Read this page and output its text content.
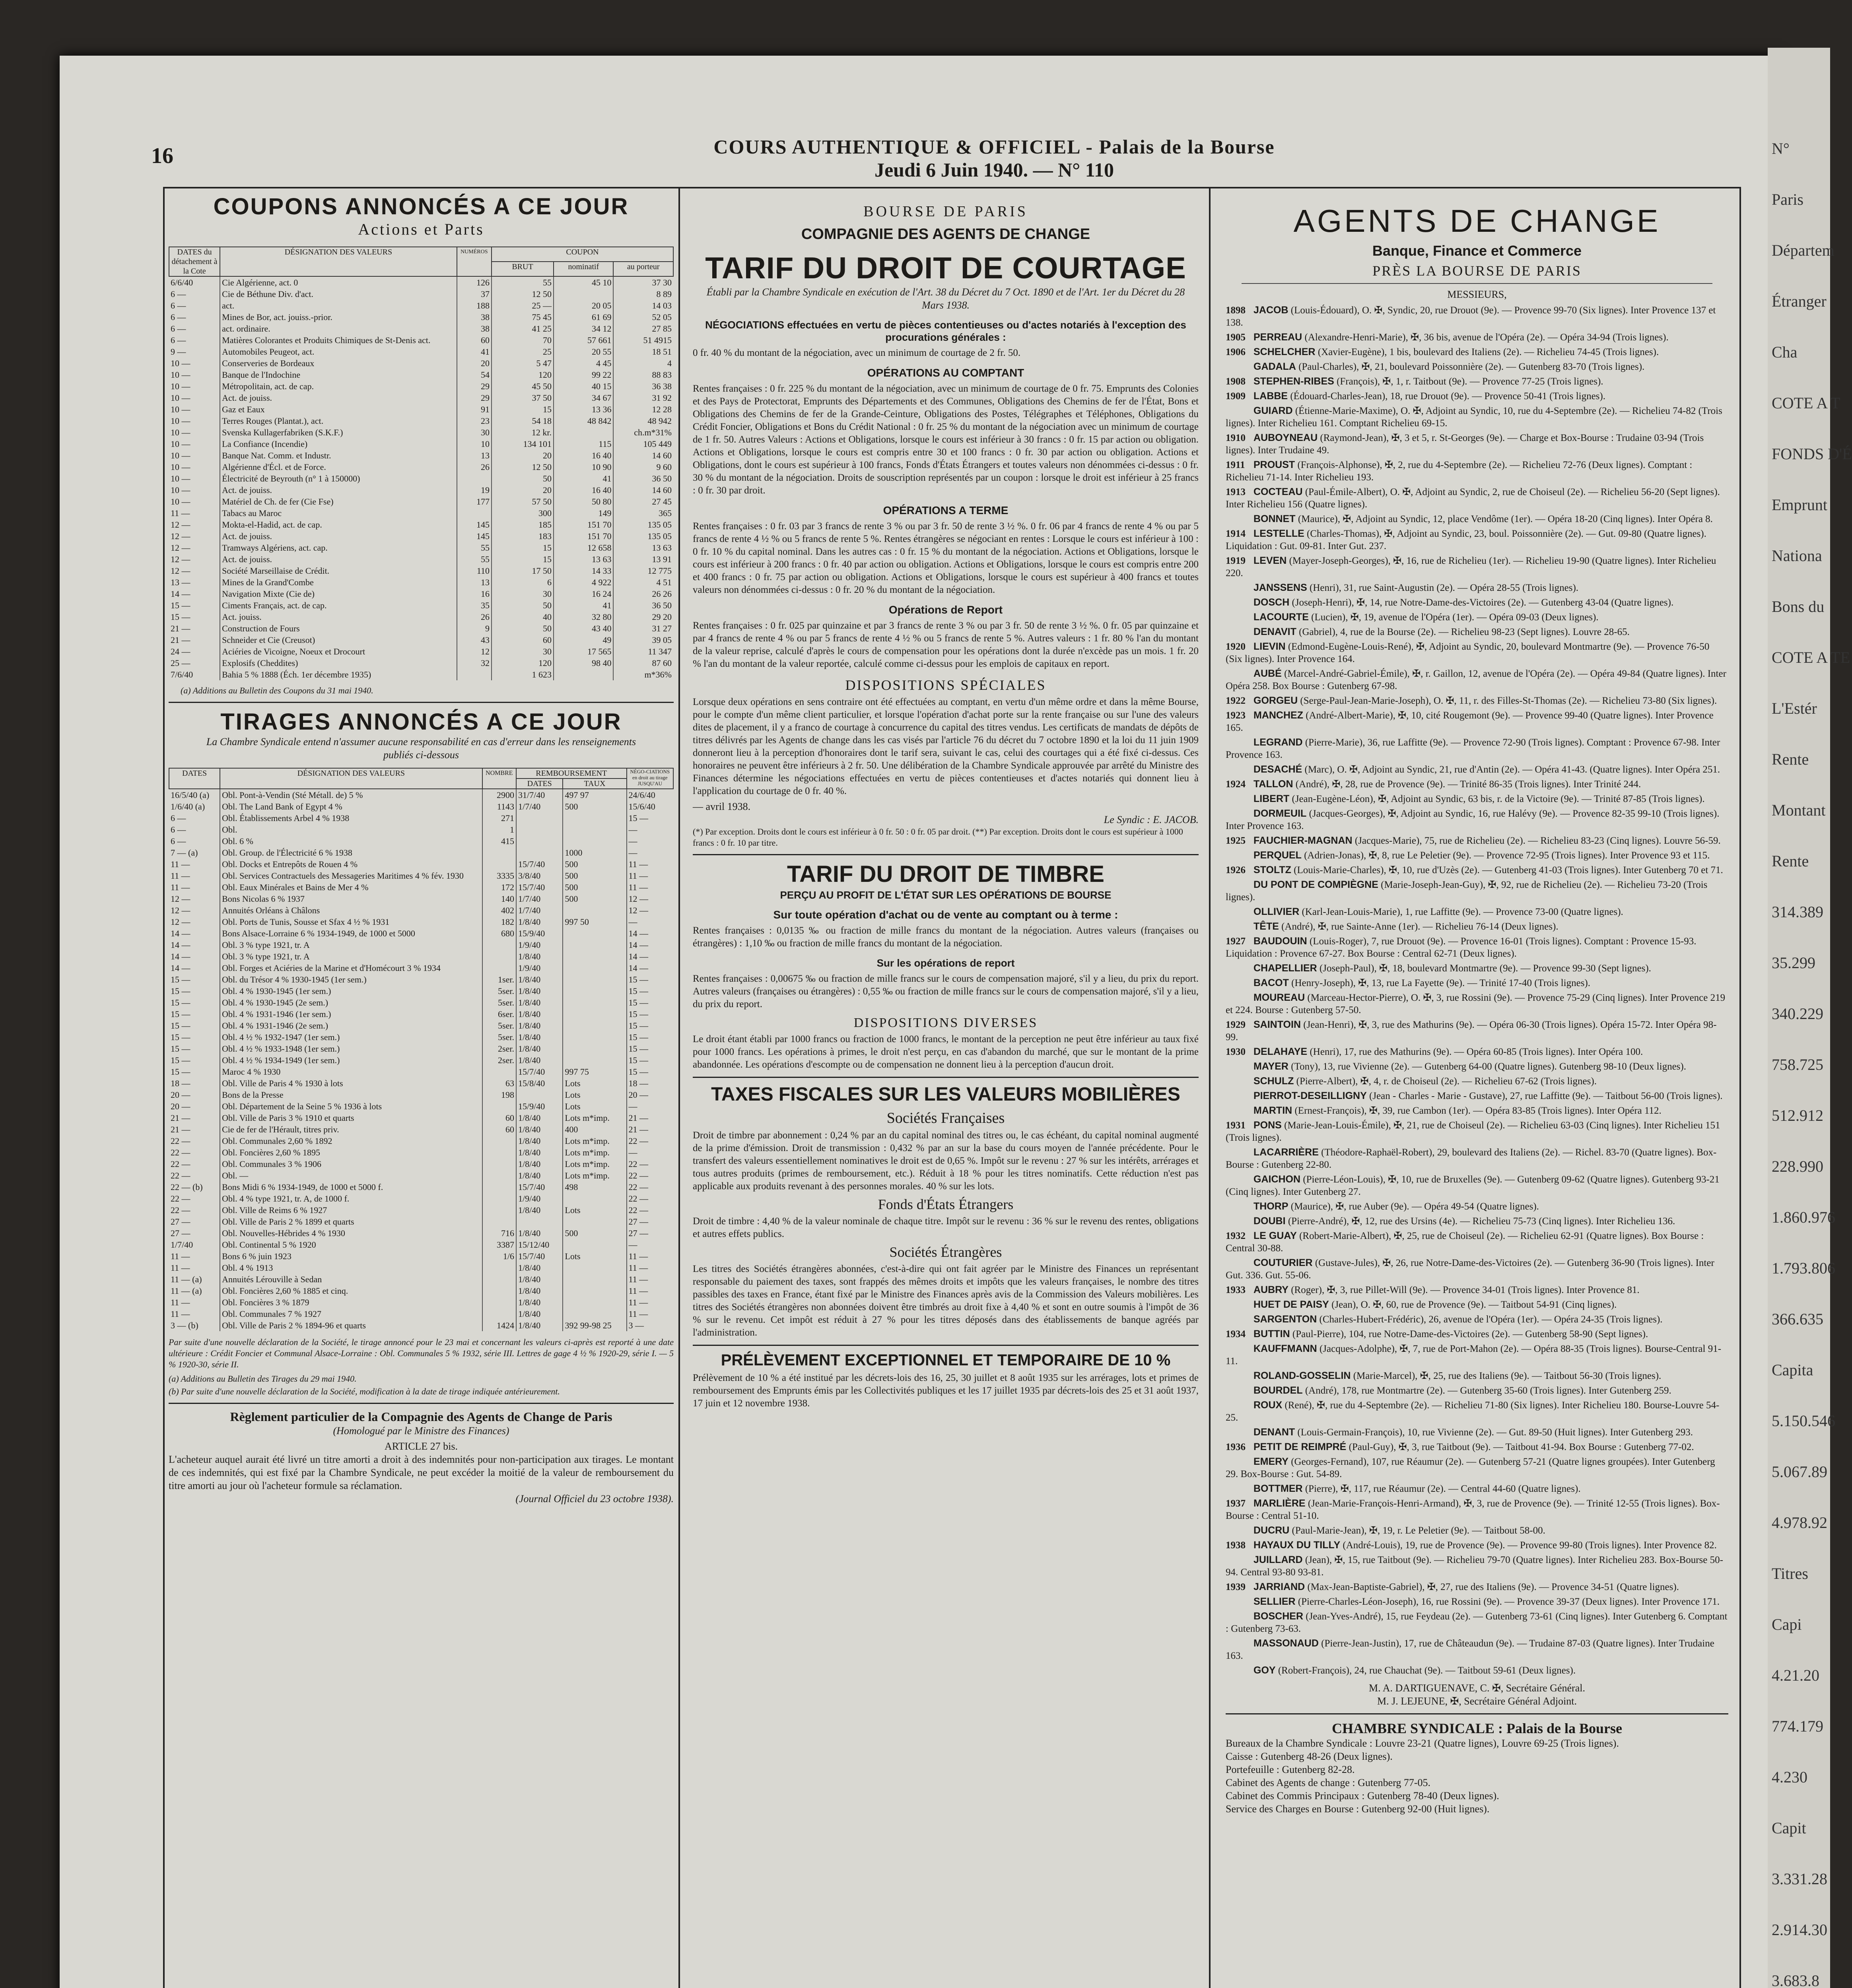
N°
Paris
Départem
Étranger
Cha
COTE A T
FONDS D'É
Emprunt
Nationa
Bons du
COTE A TE
L'Estér
Rente
Montant
Rente
314.389
35.299
340.229
758.725
512.912
228.990
1.860.976
1.793.806
366.635
Capita
5.150.546
5.067.89
4.978.92
Titres
Capi
4.21.20
774.179
4.230
Capit
3.331.28
2.914.30
3.683.8
16	COURS AUTHENTIQUE & OFFICIEL - Palais de la Bourse
Jeudi 6 Juin 1940. — N° 110
COUPONS ANNONCÉS A CE JOUR
Actions et Parts
DATES du détachement à la Cote	DÉSIGNATION DES VALEURS	NUMÉROS	COUPON		
			BRUT	nominatif	au porteur
6/6/40	Cie Algérienne, act. 0	126	55	45 10	37 30
6 —	Cie de Béthune Div. d'act.	37	12 50		8 89
6 —	act.	188	25 —	20 05	14 03
6 —	Mines de Bor, act. jouiss.-prior.	38	75 45	61 69	52 05
6 —	act. ordinaire.	38	41 25	34 12	27 85
6 —	Matières Colorantes et Produits Chimiques de St-Denis act.	60	70	57 661	51 4915
9 —	Automobiles Peugeot, act.	41	25	20 55	18 51
10 —	Conserveries de Bordeaux	20	5 47	4 45	4
10 —	Banque de l'Indochine	54	120	99 22	88 83
10 —	Métropolitain, act. de cap.	29	45 50	40 15	36 38
10 —	Act. de jouiss.	29	37 50	34 67	31 92
10 —	Gaz et Eaux	91	15	13 36	12 28
10 —	Terres Rouges (Plantat.), act.	23	54 18	48 842	48 942
10 —	Svenska Kullagerfabriken (S.K.F.)	30	12 kr.		ch.m*31%
10 —	La Confiance (Incendie)	10	134 101	115	105 449
10 —	Banque Nat. Comm. et Industr.	13	20	16 40	14 60
10 —	Algérienne d'Écl. et de Force.	26	12 50	10 90	9 60
10 —	Électricité de Beyrouth (n° 1 à 150000)		50	41	36 50
10 —	Act. de jouiss.	19	20	16 40	14 60
10 —	Matériel de Ch. de fer (Cie Fse)	177	57 50	50 80	27 45
11 —	Tabacs au Maroc		300	149	365
12 —	Mokta-el-Hadid, act. de cap.	145	185	151 70	135 05
12 —	Act. de jouiss.	145	183	151 70	135 05
12 —	Tramways Algériens, act. cap.	55	15	12 658	13 63
12 —	Act. de jouiss.	55	15	13 63	13 91
12 —	Société Marseillaise de Crédit.	110	17 50	14 33	12 775
13 —	Mines de la Grand'Combe	13	6	4 922	4 51
14 —	Navigation Mixte (Cie de)	16	30	16 24	26 26
15 —	Ciments Français, act. de cap.	35	50	41	36 50
15 —	Act. jouiss.	26	40	32 80	29 20
21 —	Construction de Fours	9	50	43 40	31 27
21 —	Schneider et Cie (Creusot)	43	60	49	39 05
24 —	Aciéries de Vicoigne, Noeux et Drocourt	12	30	17 565	11 347
25 —	Explosifs (Cheddites)	32	120	98 40	87 60
7/6/40	Bahia 5 % 1888 (Éch. 1er décembre 1935)		1 623		m*36%
(a) Additions au Bulletin des Coupons du 31 mai 1940.
TIRAGES ANNONCÉS A CE JOUR
La Chambre Syndicale entend n'assumer aucune responsabilité en cas d'erreur dans les renseignements publiés ci-dessous
DATES	DÉSIGNATION DES VALEURS	NOMBRE	REMBOURSEMENT		NÉGO-CIATIONS en droit au tirage JUSQU'AU
			DATES	TAUX	
16/5/40 (a)	Obl. Pont-à-Vendin (Sté Métall. de) 5 %	2900	31/7/40	497 97	24/6/40
1/6/40 (a)	Obl. The Land Bank of Egypt 4 %	1143	1/7/40	500	15/6/40
6 —	Obl. Établissements Arbel 4 % 1938	271			15 —
6 —	Obl.	1			—
6 —	Obl. 6 %	415			—
7 — (a)	Obl. Group. de l'Électricité 6 % 1938			1000	—
11 —	Obl. Docks et Entrepôts de Rouen 4 %		15/7/40	500	11 —
11 —	Obl. Services Contractuels des Messageries Maritimes 4 % fév. 1930	3335	3/8/40	500	11 —
11 —	Obl. Eaux Minérales et Bains de Mer 4 %	172	15/7/40	500	11 —
12 —	Bons Nicolas 6 % 1937	140	1/7/40	500	12 —
12 —	Annuités Orléans à Châlons	402	1/7/40		12 —
12 —	Obl. Ports de Tunis, Sousse et Sfax 4 ½ % 1931	182	1/8/40	997 50	—
14 —	Bons Alsace-Lorraine 6 % 1934-1949, de 1000 et 5000	680	15/9/40		14 —
14 —	Obl. 3 % type 1921, tr. A		1/9/40		14 —
14 —	Obl. 3 % type 1921, tr. A		1/8/40		14 —
14 —	Obl. Forges et Aciéries de la Marine et d'Homécourt 3 % 1934		1/9/40		14 —
15 —	Obl. du Trésor 4 % 1930-1945 (1er sem.)	1ser.	1/8/40		15 —
15 —	Obl. 4 % 1930-1945 (1er sem.)	5ser.	1/8/40		15 —
15 —	Obl. 4 % 1930-1945 (2e sem.)	5ser.	1/8/40		15 —
15 —	Obl. 4 % 1931-1946 (1er sem.)	6ser.	1/8/40		15 —
15 —	Obl. 4 % 1931-1946 (2e sem.)	5ser.	1/8/40		15 —
15 —	Obl. 4 ½ % 1932-1947 (1er sem.)	5ser.	1/8/40		15 —
15 —	Obl. 4 ½ % 1933-1948 (1er sem.)	2ser.	1/8/40		15 —
15 —	Obl. 4 ½ % 1934-1949 (1er sem.)	2ser.	1/8/40		15 —
15 —	Maroc 4 % 1930		15/7/40	997 75	15 —
18 —	Obl. Ville de Paris 4 % 1930 à lots	63	15/8/40	Lots	18 —
20 —	Bons de la Presse	198		Lots	20 —
20 —	Obl. Département de la Seine 5 % 1936 à lots		15/9/40	Lots	—
21 —	Obl. Ville de Paris 3 % 1910 et quarts	60	1/8/40	Lots m*imp.	21 —
21 —	Cie de fer de l'Hérault, titres priv.	60	1/8/40	400	21 —
22 —	Obl. Communales 2,60 % 1892		1/8/40	Lots m*imp.	22 —
22 —	Obl. Foncières 2,60 % 1895		1/8/40	Lots m*imp.	—
22 —	Obl. Communales 3 % 1906		1/8/40	Lots m*imp.	22 —
22 —	Obl. —		1/8/40	Lots m*imp.	22 —
22 — (b)	Bons Midi 6 % 1934-1949, de 1000 et 5000 f.		15/7/40	498	22 —
22 —	Obl. 4 % type 1921, tr. A, de 1000 f.		1/9/40		22 —
22 —	Obl. Ville de Reims 6 % 1927		1/8/40	Lots	22 —
27 —	Obl. Ville de Paris 2 % 1899 et quarts				27 —
27 —	Obl. Nouvelles-Hébrides 4 % 1930	716	1/8/40	500	27 —
1/7/40	Obl. Continental 5 % 1920	3387	15/12/40		—
11 —	Bons 6 % juin 1923	1/6	15/7/40	Lots	11 —
11 —	Obl. 4 % 1913		1/8/40		11 —
11 — (a)	Annuités Lérouville à Sedan		1/8/40		11 —
11 — (a)	Obl. Foncières 2,60 % 1885 et cinq.		1/8/40		11 —
11 —	Obl. Foncières 3 % 1879		1/8/40		11 —
11 —	Obl. Communales 7 % 1927		1/8/40		11 —
3 — (b)	Obl. Ville de Paris 2 % 1894-96 et quarts	1424	1/8/40	392 99-98 25	3 —
Par suite d'une nouvelle déclaration de la Société, le tirage annoncé pour le 23 mai et concernant les valeurs ci-après est reporté à une date ultérieure : Crédit Foncier et Communal Alsace-Lorraine : Obl. Communales 5 % 1932, série III. Lettres de gage 4 ½ % 1920-29, série I. — 5 % 1920-30, série II.
(a) Additions au Bulletin des Tirages du 29 mai 1940.
(b) Par suite d'une nouvelle déclaration de la Société, modification à la date de tirage indiquée antérieurement.
Règlement particulier de la Compagnie des Agents de Change de Paris
(Homologué par le Ministre des Finances)
ARTICLE 27 bis.
L'acheteur auquel aurait été livré un titre amorti a droit à des indemnités pour non-participation aux tirages. Le montant de ces indemnités, qui est fixé par la Chambre Syndicale, ne peut excéder la moitié de la valeur de remboursement du titre amorti au jour où l'acheteur formule sa réclamation.
(Journal Officiel du 23 octobre 1938).
BOURSE DE PARIS
COMPAGNIE DES AGENTS DE CHANGE
TARIF DU DROIT DE COURTAGE
Établi par la Chambre Syndicale en exécution de l'Art. 38 du Décret du 7 Oct. 1890 et de l'Art. 1er du Décret du 28 Mars 1938.
NÉGOCIATIONS effectuées en vertu de pièces contentieuses ou d'actes notariés à l'exception des procurations générales :
0 fr. 40 % du montant de la négociation, avec un minimum de courtage de 2 fr. 50.
OPÉRATIONS AU COMPTANT
Rentes françaises : 0 fr. 225 % du montant de la négociation, avec un minimum de courtage de 0 fr. 75. Emprunts des Colonies et des Pays de Protectorat, Emprunts des Départements et des Communes, Obligations des Chemins de fer de l'État, Bons et Obligations des Chemins de fer de la Grande-Ceinture, Obligations des Postes, Télégraphes et Téléphones, Obligations du Crédit Foncier, Obligations et Bons du Crédit National : 0 fr. 25 % du montant de la négociation avec un minimum de courtage de 1 fr. 50. Autres Valeurs : Actions et Obligations, lorsque le cours est inférieur à 30 francs : 0 fr. 15 par action ou obligation. Actions et Obligations, lorsque le cours est compris entre 30 et 100 francs : 0 fr. 30 par action ou obligation. Actions et Obligations, dont le cours est supérieur à 100 francs, Fonds d'États Étrangers et toutes valeurs non dénommées ci-dessus : 0 fr. 30 % du montant de la négociation. Droits de souscription représentés par un coupon : lorsque le droit est inférieur à 25 francs : 0 fr. 30 par droit.
OPÉRATIONS A TERME
Rentes françaises : 0 fr. 03 par 3 francs de rente 3 % ou par 3 fr. 50 de rente 3 ½ %. 0 fr. 06 par 4 francs de rente 4 % ou par 5 francs de rente 4 ½ % ou 5 francs de rente 5 %. Rentes étrangères se négociant en rentes : Lorsque le cours est inférieur à 100 : 0 fr. 10 % du capital nominal. Dans les autres cas : 0 fr. 15 % du montant de la négociation. Actions et Obligations, lorsque le cours est inférieur à 200 francs : 0 fr. 40 par action ou obligation. Actions et Obligations, lorsque le cours est compris entre 200 et 400 francs : 0 fr. 75 par action ou obligation. Actions et Obligations, lorsque le cours est supérieur à 400 francs et toutes valeurs non dénommées ci-dessus : 0 fr. 20 % du montant de la négociation.
Opérations de Report
Rentes françaises : 0 fr. 025 par quinzaine et par 3 francs de rente 3 % ou par 3 fr. 50 de rente 3 ½ %. 0 fr. 05 par quinzaine et par 4 francs de rente 4 % ou par 5 francs de rente 4 ½ % ou 5 francs de rente 5 %. Autres valeurs : 1 fr. 80 % l'an du montant de la valeur reprise, calculé d'après le cours de compensation pour les opérations dont la durée n'excède pas un mois. 1 fr. 20 % l'an du montant de la valeur reportée, calculé comme ci-dessus pour les emplois de capitaux en report.
DISPOSITIONS SPÉCIALES
Lorsque deux opérations en sens contraire ont été effectuées au comptant, en vertu d'un même ordre et dans la même Bourse, pour le compte d'un même client particulier, et lorsque l'opération d'achat porte sur la rente française ou sur l'une des valeurs dites de placement, il y a franco de courtage à concurrence du capital des titres vendus. Les certificats de mandats de dépôts de titres délivrés par les Agents de change dans les cas visés par l'article 76 du décret du 7 octobre 1890 et la loi du 11 juin 1909 donneront lieu à la perception d'honoraires dont le tarif sera, suivant le cas, celui des courtages qui a été fixé ci-dessus. Ces honoraires ne peuvent être inférieurs à 2 fr. 50. Une délibération de la Chambre Syndicale approuvée par arrêté du Ministre des Finances détermine les négociations effectuées en vertu de pièces contentieuses et d'actes notariés qui donnent lieu à l'application du courtage de 0 fr. 40 %.
— avril 1938.
Le Syndic : E. JACOB.
(*) Par exception. Droits dont le cours est inférieur à 0 fr. 50 : 0 fr. 05 par droit. (**) Par exception. Droits dont le cours est supérieur à 1000 francs : 0 fr. 10 par titre.
TARIF DU DROIT DE TIMBRE
PERÇU AU PROFIT DE L'ÉTAT SUR LES OPÉRATIONS DE BOURSE
Sur toute opération d'achat ou de vente au comptant ou à terme :
Rentes françaises : 0,0135 ‰ ou fraction de mille francs du montant de la négociation. Autres valeurs (françaises ou étrangères) : 1,10 ‰ ou fraction de mille francs du montant de la négociation.
Sur les opérations de report
Rentes françaises : 0,00675 ‰ ou fraction de mille francs sur le cours de compensation majoré, s'il y a lieu, du prix du report. Autres valeurs (françaises ou étrangères) : 0,55 ‰ ou fraction de mille francs sur le cours de compensation majoré, s'il y a lieu, du prix du report.
DISPOSITIONS DIVERSES
Le droit étant établi par 1000 francs ou fraction de 1000 francs, le montant de la perception ne peut être inférieur au taux fixé pour 1000 francs. Les opérations à primes, le droit n'est perçu, en cas d'abandon du marché, que sur le montant de la prime abandonnée. Les opérations d'escompte ou de compensation ne donnent lieu à la perception d'aucun droit.
TAXES FISCALES SUR LES VALEURS MOBILIÈRES
Sociétés Françaises
Droit de timbre par abonnement : 0,24 % par an du capital nominal des titres ou, le cas échéant, du capital nominal augmenté de la prime d'émission. Droit de transmission : 0,432 % par an sur la base du cours moyen de l'année précédente. Pour le transfert des valeurs essentiellement nominatives le droit est de 0,65 %. Impôt sur le revenu : 27 % sur les intérêts, arrérages et tous autres produits (primes de remboursement, etc.). Réduit à 18 % pour les titres nominatifs. Cette réduction n'est pas applicable aux produits revenant à des personnes morales. 40 % sur les lots.
Fonds d'États Étrangers
Droit de timbre : 4,40 % de la valeur nominale de chaque titre. Impôt sur le revenu : 36 % sur le revenu des rentes, obligations et autres effets publics.
Sociétés Étrangères
Les titres des Sociétés étrangères abonnées, c'est-à-dire qui ont fait agréer par le Ministre des Finances un représentant responsable du paiement des taxes, sont frappés des mêmes droits et impôts que les valeurs françaises, le nombre des titres passibles des taxes en France, étant fixé par le Ministre des Finances après avis de la Commission des Valeurs mobilières. Les titres des Sociétés étrangères non abonnées doivent être timbrés au droit fixe à 4,40 % et sont en outre soumis à l'impôt de 36 % sur le revenu. Cet impôt est réduit à 27 % pour les titres déposés dans des établissements de banque agréés par l'administration.
PRÉLÈVEMENT EXCEPTIONNEL ET TEMPORAIRE DE 10 %
Prélèvement de 10 % a été institué par les décrets-lois des 16, 25, 30 juillet et 8 août 1935 sur les arrérages, lots et primes de remboursement des Emprunts émis par les Collectivités publiques et les 17 juillet 1935 par décrets-lois des 25 et 31 août 1937, 17 juin et 12 novembre 1938.
AGENTS DE CHANGE
Banque, Finance et Commerce
PRÈS LA BOURSE DE PARIS
MESSIEURS,
1898 JACOB (Louis-Édouard), O. ✠, Syndic, 20, rue Drouot (9e). — Provence 99-70 (Six lignes). Inter Provence 137 et 138.
1905 PERREAU (Alexandre-Henri-Marie), ✠, 36 bis, avenue de l'Opéra (2e). — Opéra 34-94 (Trois lignes).
1906 SCHELCHER (Xavier-Eugène), 1 bis, boulevard des Italiens (2e). — Richelieu 74-45 (Trois lignes).
GADALA (Paul-Charles), ✠, 21, boulevard Poissonnière (2e). — Gutenberg 83-70 (Trois lignes).
1908 STEPHEN-RIBES (François), ✠, 1, r. Taitbout (9e). — Provence 77-25 (Trois lignes).
1909 LABBE (Édouard-Charles-Jean), 18, rue Drouot (9e). — Provence 50-41 (Trois lignes).
GUIARD (Étienne-Marie-Maxime), O. ✠, Adjoint au Syndic, 10, rue du 4-Septembre (2e). — Richelieu 74-82 (Trois lignes). Inter Richelieu 161. Comptant Richelieu 69-15.
1910 AUBOYNEAU (Raymond-Jean), ✠, 3 et 5, r. St-Georges (9e). — Charge et Box-Bourse : Trudaine 03-94 (Trois lignes). Inter Trudaine 49.
1911 PROUST (François-Alphonse), ✠, 2, rue du 4-Septembre (2e). — Richelieu 72-76 (Deux lignes). Comptant : Richelieu 71-14. Inter Richelieu 193.
1913 COCTEAU (Paul-Émile-Albert), O. ✠, Adjoint au Syndic, 2, rue de Choiseul (2e). — Richelieu 56-20 (Sept lignes). Inter Richelieu 156 (Quatre lignes).
BONNET (Maurice), ✠, Adjoint au Syndic, 12, place Vendôme (1er). — Opéra 18-20 (Cinq lignes). Inter Opéra 8.
1914 LESTELLE (Charles-Thomas), ✠, Adjoint au Syndic, 23, boul. Poissonnière (2e). — Gut. 09-80 (Quatre lignes). Liquidation : Gut. 09-81. Inter Gut. 237.
1919 LEVEN (Mayer-Joseph-Georges), ✠, 16, rue de Richelieu (1er). — Richelieu 19-90 (Quatre lignes). Inter Richelieu 220.
JANSSENS (Henri), 31, rue Saint-Augustin (2e). — Opéra 28-55 (Trois lignes).
DOSCH (Joseph-Henri), ✠, 14, rue Notre-Dame-des-Victoires (2e). — Gutenberg 43-04 (Quatre lignes).
LACOURTE (Lucien), ✠, 19, avenue de l'Opéra (1er). — Opéra 09-03 (Deux lignes).
DENAVIT (Gabriel), 4, rue de la Bourse (2e). — Richelieu 98-23 (Sept lignes). Louvre 28-65.
1920 LIEVIN (Edmond-Eugène-Louis-René), ✠, Adjoint au Syndic, 20, boulevard Montmartre (9e). — Provence 76-50 (Six lignes). Inter Provence 164.
AUBÉ (Marcel-André-Gabriel-Émile), ✠, r. Gaillon, 12, avenue de l'Opéra (2e). — Opéra 49-84 (Quatre lignes). Inter Opéra 258. Box Bourse : Gutenberg 67-98.
1922 GORGEU (Serge-Paul-Jean-Marie-Joseph), O. ✠, 11, r. des Filles-St-Thomas (2e). — Richelieu 73-80 (Six lignes).
1923 MANCHEZ (André-Albert-Marie), ✠, 10, cité Rougemont (9e). — Provence 99-40 (Quatre lignes). Inter Provence 165.
LEGRAND (Pierre-Marie), 36, rue Laffitte (9e). — Provence 72-90 (Trois lignes). Comptant : Provence 67-98. Inter Provence 163.
DESACHÉ (Marc), O. ✠, Adjoint au Syndic, 21, rue d'Antin (2e). — Opéra 41-43. (Quatre lignes). Inter Opéra 251.
1924 TALLON (André), ✠, 28, rue de Provence (9e). — Trinité 86-35 (Trois lignes). Inter Trinité 244.
LIBERT (Jean-Eugène-Léon), ✠, Adjoint au Syndic, 63 bis, r. de la Victoire (9e). — Trinité 87-85 (Trois lignes).
DORMEUIL (Jacques-Georges), ✠, Adjoint au Syndic, 16, rue Halévy (9e). — Provence 82-35 99-10 (Trois lignes). Inter Provence 163.
1925 FAUCHIER-MAGNAN (Jacques-Marie), 75, rue de Richelieu (2e). — Richelieu 83-23 (Cinq lignes). Louvre 56-59.
PERQUEL (Adrien-Jonas), ✠, 8, rue Le Peletier (9e). — Provence 72-95 (Trois lignes). Inter Provence 93 et 115.
1926 STOLTZ (Louis-Marie-Charles), ✠, 10, rue d'Uzès (2e). — Gutenberg 41-03 (Trois lignes). Inter Gutenberg 70 et 71.
DU PONT DE COMPIÈGNE (Marie-Joseph-Jean-Guy), ✠, 92, rue de Richelieu (2e). — Richelieu 73-20 (Trois lignes).
OLLIVIER (Karl-Jean-Louis-Marie), 1, rue Laffitte (9e). — Provence 73-00 (Quatre lignes).
TÊTE (André), ✠, rue Sainte-Anne (1er). — Richelieu 76-14 (Deux lignes).
1927 BAUDOUIN (Louis-Roger), 7, rue Drouot (9e). — Provence 16-01 (Trois lignes). Comptant : Provence 15-93. Liquidation : Provence 67-27. Box Bourse : Central 62-71 (Deux lignes).
CHAPELLIER (Joseph-Paul), ✠, 18, boulevard Montmartre (9e). — Provence 99-30 (Sept lignes).
BACOT (Henry-Joseph), ✠, 13, rue La Fayette (9e). — Trinité 17-40 (Trois lignes).
MOUREAU (Marceau-Hector-Pierre), O. ✠, 3, rue Rossini (9e). — Provence 75-29 (Cinq lignes). Inter Provence 219 et 224. Bourse : Gutenberg 57-50.
1929 SAINTOIN (Jean-Henri), ✠, 3, rue des Mathurins (9e). — Opéra 06-30 (Trois lignes). Opéra 15-72. Inter Opéra 98-99.
1930 DELAHAYE (Henri), 17, rue des Mathurins (9e). — Opéra 60-85 (Trois lignes). Inter Opéra 100.
MAYER (Tony), 13, rue Vivienne (2e). — Gutenberg 64-00 (Quatre lignes). Gutenberg 98-10 (Deux lignes).
SCHULZ (Pierre-Albert), ✠, 4, r. de Choiseul (2e). — Richelieu 67-62 (Trois lignes).
PIERROT-DESEILLIGNY (Jean - Charles - Marie - Gustave), 27, rue Laffitte (9e). — Taitbout 56-00 (Trois lignes).
MARTIN (Ernest-François), ✠, 39, rue Cambon (1er). — Opéra 83-85 (Trois lignes). Inter Opéra 112.
1931 PONS (Marie-Jean-Louis-Émile), ✠, 21, rue de Choiseul (2e). — Richelieu 63-03 (Cinq lignes). Inter Richelieu 151 (Trois lignes).
LACARRIÈRE (Théodore-Raphaël-Robert), 29, boulevard des Italiens (2e). — Richel. 83-70 (Quatre lignes). Box-Bourse : Gutenberg 22-80.
GAICHON (Pierre-Léon-Louis), ✠, 10, rue de Bruxelles (9e). — Gutenberg 09-62 (Quatre lignes). Gutenberg 93-21 (Cinq lignes). Inter Gutenberg 27.
THORP (Maurice), ✠, rue Auber (9e). — Opéra 49-54 (Quatre lignes).
DOUBI (Pierre-André), ✠, 12, rue des Ursins (4e). — Richelieu 75-73 (Cinq lignes). Inter Richelieu 136.
1932 LE GUAY (Robert-Marie-Albert), ✠, 25, rue de Choiseul (2e). — Richelieu 62-91 (Quatre lignes). Box Bourse : Central 30-88.
COUTURIER (Gustave-Jules), ✠, 26, rue Notre-Dame-des-Victoires (2e). — Gutenberg 36-90 (Trois lignes). Inter Gut. 336. Gut. 55-06.
1933 AUBRY (Roger), ✠, 3, rue Pillet-Will (9e). — Provence 34-01 (Trois lignes). Inter Provence 81.
HUET DE PAISY (Jean), O. ✠, 60, rue de Provence (9e). — Taitbout 54-91 (Cinq lignes).
SARGENTON (Charles-Hubert-Frédéric), 26, avenue de l'Opéra (1er). — Opéra 24-35 (Trois lignes).
1934 BUTTIN (Paul-Pierre), 104, rue Notre-Dame-des-Victoires (2e). — Gutenberg 58-90 (Sept lignes).
KAUFFMANN (Jacques-Adolphe), ✠, 7, rue de Port-Mahon (2e). — Opéra 88-35 (Trois lignes). Bourse-Central 91-11.
ROLAND-GOSSELIN (Marie-Marcel), ✠, 25, rue des Italiens (9e). — Taitbout 56-30 (Trois lignes).
BOURDEL (André), 178, rue Montmartre (2e). — Gutenberg 35-60 (Trois lignes). Inter Gutenberg 259.
ROUX (René), ✠, rue du 4-Septembre (2e). — Richelieu 71-80 (Six lignes). Inter Richelieu 180. Bourse-Louvre 54-25.
DENANT (Louis-Germain-François), 10, rue Vivienne (2e). — Gut. 89-50 (Huit lignes). Inter Gutenberg 293.
1936 PETIT DE REIMPRÉ (Paul-Guy), ✠, 3, rue Taitbout (9e). — Taitbout 41-94. Box Bourse : Gutenberg 77-02.
EMERY (Georges-Fernand), 107, rue Réaumur (2e). — Gutenberg 57-21 (Quatre lignes groupées). Inter Gutenberg 29. Box-Bourse : Gut. 54-89.
BOTTMER (Pierre), ✠, 117, rue Réaumur (2e). — Central 44-60 (Quatre lignes).
1937 MARLIÈRE (Jean-Marie-François-Henri-Armand), ✠, 3, rue de Provence (9e). — Trinité 12-55 (Trois lignes). Box-Bourse : Central 51-10.
DUCRU (Paul-Marie-Jean), ✠, 19, r. Le Peletier (9e). — Taitbout 58-00.
1938 HAYAUX DU TILLY (André-Louis), 19, rue de Provence (9e). — Provence 99-80 (Trois lignes). Inter Provence 82.
JUILLARD (Jean), ✠, 15, rue Taitbout (9e). — Richelieu 79-70 (Quatre lignes). Inter Richelieu 283. Box-Bourse 50-94. Central 93-80 93-81.
1939 JARRIAND (Max-Jean-Baptiste-Gabriel), ✠, 27, rue des Italiens (9e). — Provence 34-51 (Quatre lignes).
SELLIER (Pierre-Charles-Léon-Joseph), 16, rue Rossini (9e). — Provence 39-37 (Deux lignes). Inter Provence 171.
BOSCHER (Jean-Yves-André), 15, rue Feydeau (2e). — Gutenberg 73-61 (Cinq lignes). Inter Gutenberg 6. Comptant : Gutenberg 73-63.
MASSONAUD (Pierre-Jean-Justin), 17, rue de Châteaudun (9e). — Trudaine 87-03 (Quatre lignes). Inter Trudaine 163.
GOY (Robert-François), 24, rue Chauchat (9e). — Taitbout 59-61 (Deux lignes).
M. A. DARTIGUENAVE, C. ✠, Secrétaire Général.
M. J. LEJEUNE, ✠, Secrétaire Général Adjoint.
CHAMBRE SYNDICALE : Palais de la Bourse
Bureaux de la Chambre Syndicale : Louvre 23-21 (Quatre lignes), Louvre 69-25 (Trois lignes).
Caisse : Gutenberg 48-26 (Deux lignes).
Portefeuille : Gutenberg 82-28.
Cabinet des Agents de change : Gutenberg 77-05.
Cabinet des Commis Principaux : Gutenberg 78-40 (Deux lignes).
Service des Charges en Bourse : Gutenberg 92-00 (Huit lignes).
